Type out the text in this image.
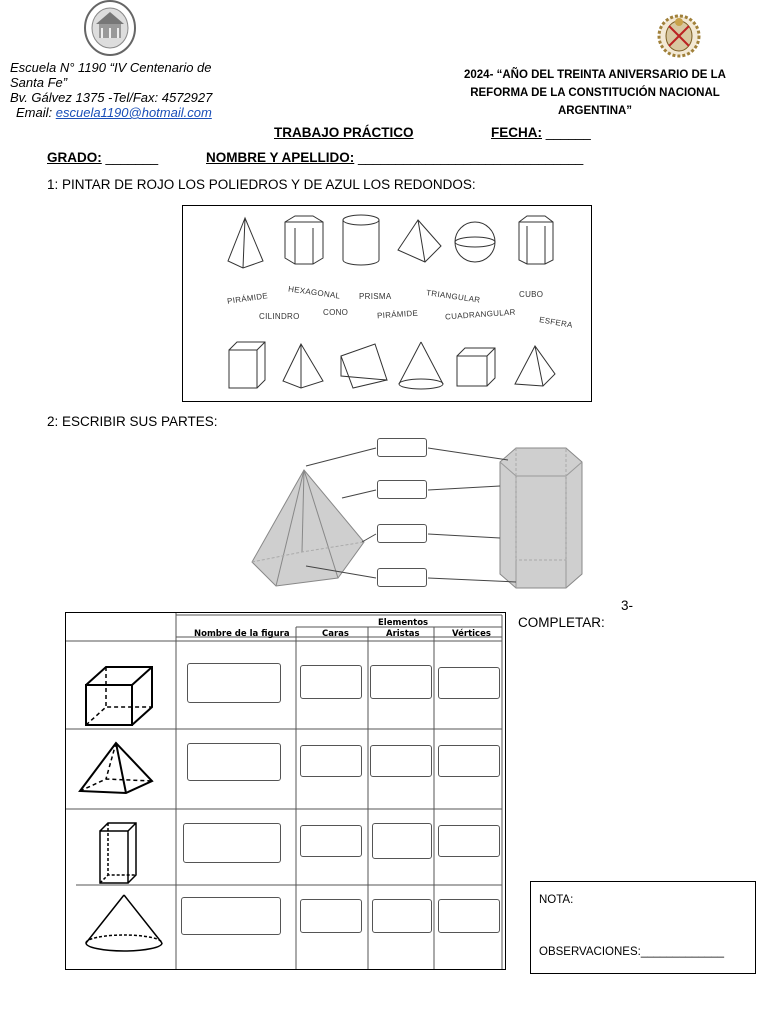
Escuela N° 1190 “IV Centenario de Santa Fe”
Bv. Gálvez 1375 -Tel/Fax: 4572927
Email: escuela1190@hotmail.com
2024- “AÑO DEL TREINTA ANIVERSARIO DE LA REFORMA DE LA CONSTITUCIÓN NACIONAL ARGENTINA”
TRABAJO PRÁCTICO	FECHA: ______
GRADO: _______	NOMBRE Y APELLIDO: ______________________________
1: PINTAR DE ROJO LOS POLIEDROS Y DE AZUL LOS REDONDOS:
PIRÁMIDE HEXAGONAL PRISMA	TRIANGULAR	CUBO
CILINDRO	CONO	PIRÁMIDE	CUADRANGULAR
ESFERA
2: ESCRIBIR SUS PARTES:
3-
COMPLETAR:
Elementos
Nombre de la figura	Caras	Aristas	Vértices
NOTA:
OBSERVACIONES:_____________
